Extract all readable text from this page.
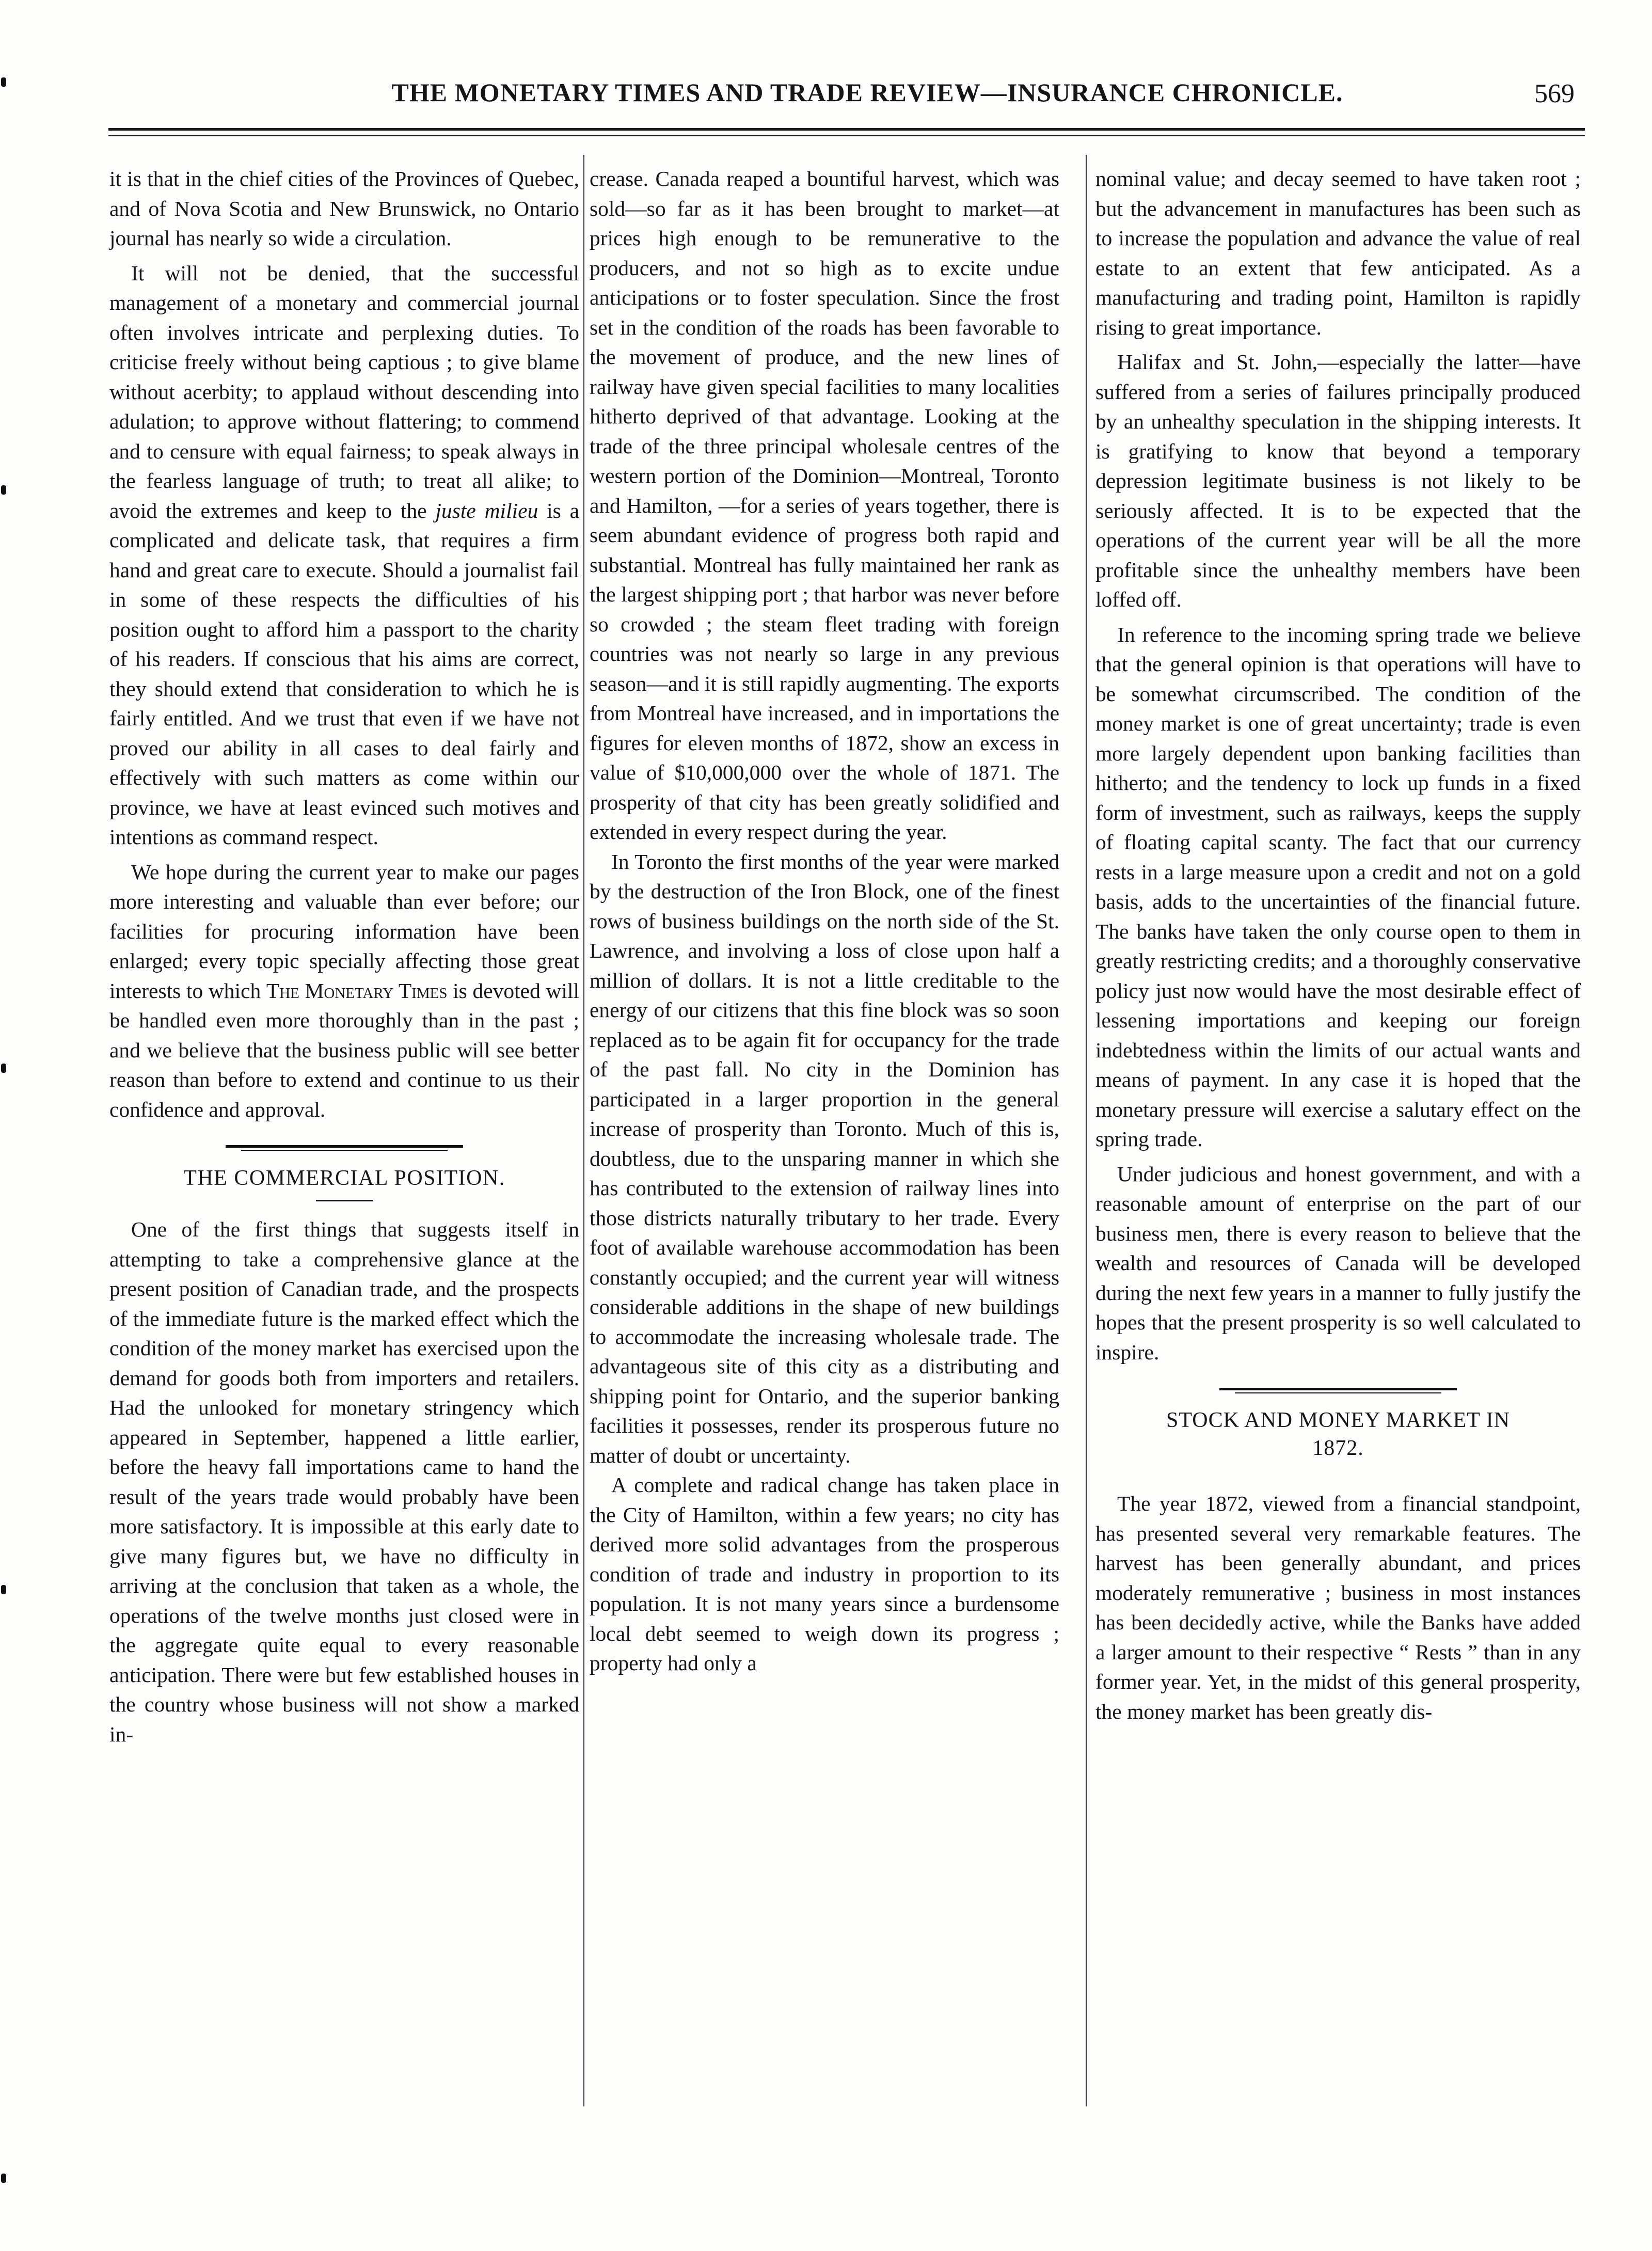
THE MONETARY TIMES AND TRADE REVIEW—INSURANCE CHRONICLE.	569

it is that in the chief cities of the Provinces of Quebec, and of Nova Scotia and New Brunswick, no Ontario journal has nearly so wide a circulation.

It will not be denied, that the successful management of a monetary and commercial journal often involves intricate and perplexing duties. To criticise freely without being captious ; to give blame without acerbity; to applaud without descending into adulation; to approve without flattering; to commend and to censure with equal fairness; to speak always in the fearless language of truth; to treat all alike; to avoid the extremes and keep to the juste milieu is a complicated and delicate task, that requires a firm hand and great care to execute. Should a journalist fail in some of these respects the difficulties of his position ought to afford him a passport to the charity of his readers. If conscious that his aims are correct, they should extend that consideration to which he is fairly entitled. And we trust that even if we have not proved our ability in all cases to deal fairly and effectively with such matters as come within our province, we have at least evinced such motives and intentions as command respect.

We hope during the current year to make our pages more interesting and valuable than ever before; our facilities for procuring information have been enlarged; every topic specially affecting those great interests to which The Monetary Times is devoted will be handled even more thoroughly than in the past ; and we believe that the business public will see better reason than before to extend and continue to us their confidence and approval.

THE COMMERCIAL POSITION.

One of the first things that suggests itself in attempting to take a comprehensive glance at the present position of Canadian trade, and the prospects of the immediate future is the marked effect which the condition of the money market has exercised upon the demand for goods both from importers and retailers. Had the unlooked for monetary stringency which appeared in September, happened a little earlier, before the heavy fall importations came to hand the result of the years trade would probably have been more satisfactory. It is impossible at this early date to give many figures but, we have no difficulty in arriving at the conclusion that taken as a whole, the operations of the twelve months just closed were in the aggregate quite equal to every reasonable anticipation. There were but few established houses in the country whose business will not show a marked in-

crease. Canada reaped a bountiful harvest, which was sold—so far as it has been brought to market—at prices high enough to be remunerative to the producers, and not so high as to excite undue anticipations or to foster speculation. Since the frost set in the condition of the roads has been favorable to the movement of produce, and the new lines of railway have given special facilities to many localities hitherto deprived of that advantage. Looking at the trade of the three principal wholesale centres of the western portion of the Dominion—Montreal, Toronto and Hamilton, —for a series of years together, there is seem abundant evidence of progress both rapid and substantial. Montreal has fully maintained her rank as the largest shipping port ; that harbor was never before so crowded ; the steam fleet trading with foreign countries was not nearly so large in any previous season—and it is still rapidly augmenting. The exports from Montreal have increased, and in importations the figures for eleven months of 1872, show an excess in value of $10,000,000 over the whole of 1871. The prosperity of that city has been greatly solidified and extended in every respect during the year.

In Toronto the first months of the year were marked by the destruction of the Iron Block, one of the finest rows of business buildings on the north side of the St. Lawrence, and involving a loss of close upon half a million of dollars. It is not a little creditable to the energy of our citizens that this fine block was so soon replaced as to be again fit for occupancy for the trade of the past fall. No city in the Dominion has participated in a larger proportion in the general increase of prosperity than Toronto. Much of this is, doubtless, due to the unsparing manner in which she has contributed to the extension of railway lines into those districts naturally tributary to her trade. Every foot of available warehouse accommodation has been constantly occupied; and the current year will witness considerable additions in the shape of new buildings to accommodate the increasing wholesale trade. The advantageous site of this city as a distributing and shipping point for Ontario, and the superior banking facilities it possesses, render its prosperous future no matter of doubt or uncertainty.

A complete and radical change has taken place in the City of Hamilton, within a few years; no city has derived more solid advantages from the prosperous condition of trade and industry in proportion to its population. It is not many years since a burdensome local debt seemed to weigh down its progress ; property had only a

nominal value; and decay seemed to have taken root ; but the advancement in manufactures has been such as to increase the population and advance the value of real estate to an extent that few anticipated. As a manufacturing and trading point, Hamilton is rapidly rising to great importance.

Halifax and St. John,—especially the latter—have suffered from a series of failures principally produced by an unhealthy speculation in the shipping interests. It is gratifying to know that beyond a temporary depression legitimate business is not likely to be seriously affected. It is to be expected that the operations of the current year will be all the more profitable since the unhealthy members have been loffed off.

In reference to the incoming spring trade we believe that the general opinion is that operations will have to be somewhat circumscribed. The condition of the money market is one of great uncertainty; trade is even more largely dependent upon banking facilities than hitherto; and the tendency to lock up funds in a fixed form of investment, such as railways, keeps the supply of floating capital scanty. The fact that our currency rests in a large measure upon a credit and not on a gold basis, adds to the uncertainties of the financial future. The banks have taken the only course open to them in greatly restricting credits; and a thoroughly conservative policy just now would have the most desirable effect of lessening importations and keeping our foreign indebtedness within the limits of our actual wants and means of payment. In any case it is hoped that the monetary pressure will exercise a salutary effect on the spring trade.

Under judicious and honest government, and with a reasonable amount of enterprise on the part of our business men, there is every reason to believe that the wealth and resources of Canada will be developed during the next few years in a manner to fully justify the hopes that the present prosperity is so well calculated to inspire.

STOCK AND MONEY MARKET IN
1872.

The year 1872, viewed from a financial standpoint, has presented several very remarkable features. The harvest has been generally abundant, and prices moderately remunerative ; business in most instances has been decidedly active, while the Banks have added a larger amount to their respective “ Rests ” than in any former year. Yet, in the midst of this general prosperity, the money market has been greatly dis-
